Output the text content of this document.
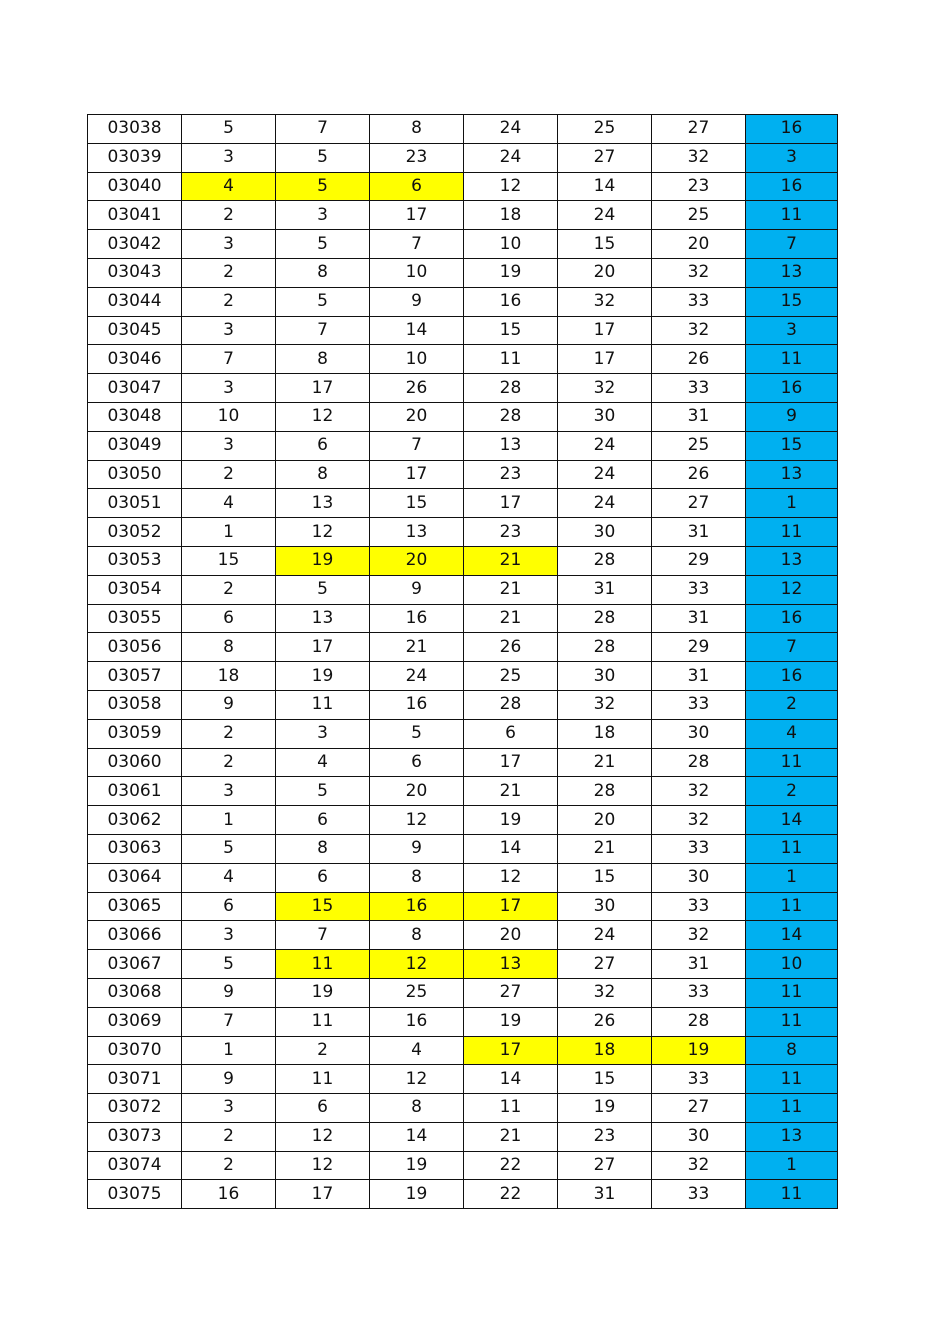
03038	5	7	8	24	25	27	16
03039	3	5	23	24	27	32	3
03040	4	5	6	12	14	23	16
03041	2	3	17	18	24	25	11
03042	3	5	7	10	15	20	7
03043	2	8	10	19	20	32	13
03044	2	5	9	16	32	33	15
03045	3	7	14	15	17	32	3
03046	7	8	10	11	17	26	11
03047	3	17	26	28	32	33	16
03048	10	12	20	28	30	31	9
03049	3	6	7	13	24	25	15
03050	2	8	17	23	24	26	13
03051	4	13	15	17	24	27	1
03052	1	12	13	23	30	31	11
03053	15	19	20	21	28	29	13
03054	2	5	9	21	31	33	12
03055	6	13	16	21	28	31	16
03056	8	17	21	26	28	29	7
03057	18	19	24	25	30	31	16
03058	9	11	16	28	32	33	2
03059	2	3	5	6	18	30	4
03060	2	4	6	17	21	28	11
03061	3	5	20	21	28	32	2
03062	1	6	12	19	20	32	14
03063	5	8	9	14	21	33	11
03064	4	6	8	12	15	30	1
03065	6	15	16	17	30	33	11
03066	3	7	8	20	24	32	14
03067	5	11	12	13	27	31	10
03068	9	19	25	27	32	33	11
03069	7	11	16	19	26	28	11
03070	1	2	4	17	18	19	8
03071	9	11	12	14	15	33	11
03072	3	6	8	11	19	27	11
03073	2	12	14	21	23	30	13
03074	2	12	19	22	27	32	1
03075	16	17	19	22	31	33	11
